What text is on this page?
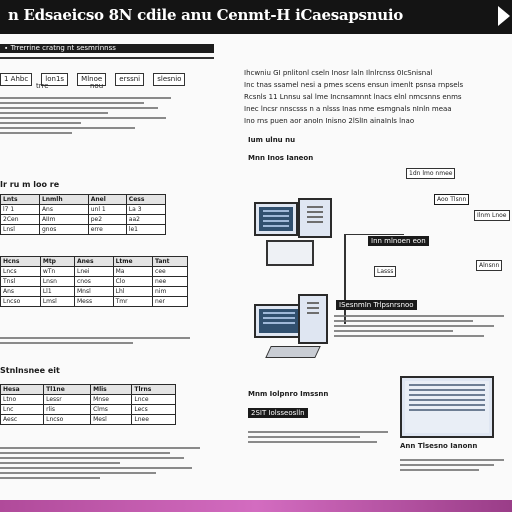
n Edsaeicso 8N cdile anu Cenmt-H iCaesapsnuio
∙ Trrerrine cratng nt sesmrinnss
1 Ahbc lon1s Mlnoe erssni slesnio
trre	nou
Ir ru m loo re
Lnts	Lnmlh	Anel	Cess
l7 1	Ans	unl 1	La 3
2Cen	AIIm	pe2	aa2
Lnsl	gnos	erre	le1
Hcns	Mtp	Anes	Ltme	Tant
Lncs	wTn	Lnei	Ma	cee
Tnsl	Lnsn	cnos	Clo	nee
Ans	Ll1	Mnsl	Lhl	nim
Lncso	Lmsl	Mess	Tmr	ner
Stnlnsnee eit
Hesa	Tl1ne	Mlis	Tlrns
Ltno	Lessr	Mnse	Lnce
Lnc	rlis	Clms	Lecs
Aesc	Lncso	Mesl	Lnee

Ihcwniu GI pnlitonl cseln Inosr laln Ilnlrcnss 0IcSnisnal

Inc tnas ssamel nesi a pmes scens ensun imenlt psnsa rnpsels

Rcsnls 11 Lnnsu sal lme Incnsamnnt lnacs elnl nmcsnns enms

Inec lncsr nnscsss n a nlsss Inas nme esmgnals nInln meaa

Ino rns puen aor anoIn Inisno 2lSlIn ainaInls lnao

Ium ulnu nu
Mnn Inos Ianeon
1dn lmo nmee
Aoo Tlsnn
Ilnm Lnoe
Alnsnn
Lasss
Inn mlnoen eon
ISesnmIn Trlpsnrsnoo
2SIT Iolsseoslln
Mnm Iolpnro Imssnn
Ann Tlsesno Ianonn
